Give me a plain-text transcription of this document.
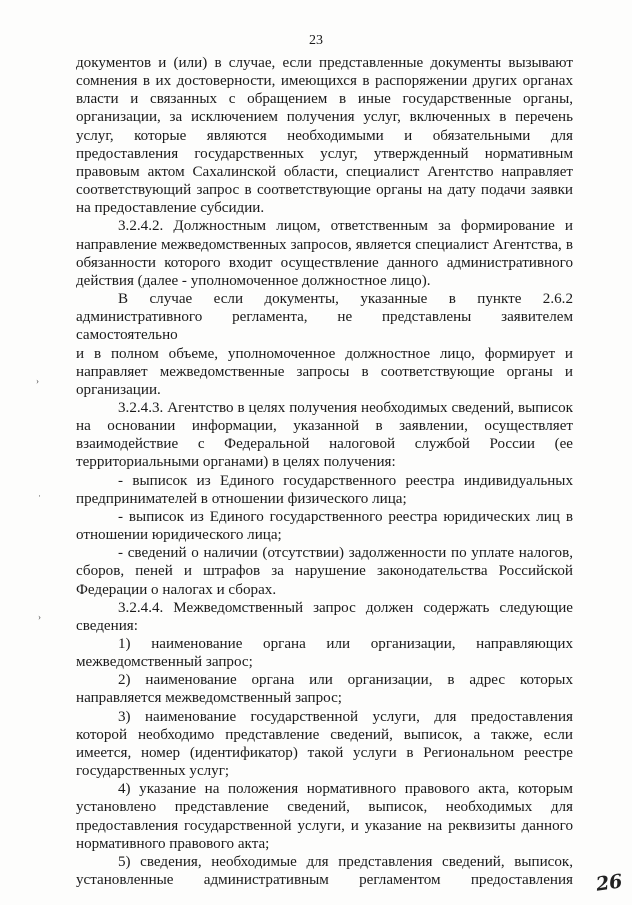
23

документов и (или) в случае, если представленные документы вызывают

сомнения в их достоверности, имеющихся в распоряжении других органах

власти и связанных с обращением в иные государственные органы,

организации, за исключением получения услуг, включенных в перечень

услуг, которые являются необходимыми и обязательными для

предоставления государственных услуг, утвержденный нормативным

правовым актом Сахалинской области, специалист Агентство направляет

соответствующий запрос в соответствующие органы на дату подачи заявки

на предоставление субсидии.

3.2.4.2. Должностным лицом, ответственным за формирование и

направление межведомственных запросов, является специалист Агентства, в

обязанности которого входит осуществление данного административного

действия (далее - уполномоченное должностное лицо).

В случае если документы, указанные в пункте 2.6.2

административного регламента, не представлены заявителем самостоятельно

и в полном объеме, уполномоченное должностное лицо, формирует и

направляет межведомственные запросы в соответствующие органы и

организации.

3.2.4.3. Агентство в целях получения необходимых сведений, выписок

на основании информации, указанной в заявлении, осуществляет

взаимодействие с Федеральной налоговой службой России (ее

территориальными органами) в целях получения:

- выписок из Единого государственного реестра индивидуальных

предпринимателей в отношении физического лица;

- выписок из Единого государственного реестра юридических лиц в

отношении юридического лица;

- сведений о наличии (отсутствии) задолженности по уплате налогов,

сборов, пеней и штрафов за нарушение законодательства Российской

Федерации о налогах и сборах.

3.2.4.4. Межведомственный запрос должен содержать следующие

сведения:

1) наименование органа или организации, направляющих

межведомственный запрос;

2) наименование органа или организации, в адрес которых

направляется межведомственный запрос;

3) наименование государственной услуги, для предоставления

которой необходимо представление сведений, выписок, а также, если

имеется, номер (идентификатор) такой услуги в Региональном реестре

государственных услуг;

4) указание на положения нормативного правового акта, которым

установлено представление сведений, выписок, необходимых для

предоставления государственной услуги, и указание на реквизиты данного

нормативного правового акта;

5) сведения, необходимые для представления сведений, выписок,

установленные административным регламентом предоставления

›
·
›
26
